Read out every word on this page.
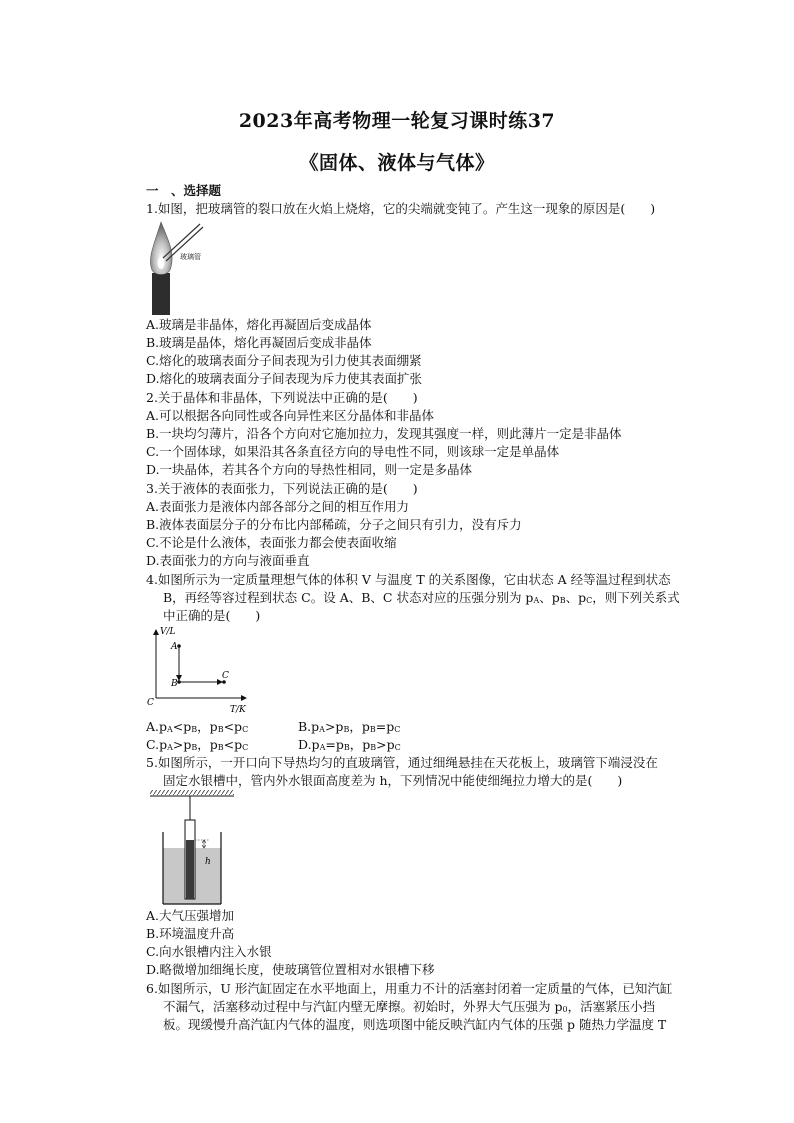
2023年高考物理一轮复习课时练37
《固体、液体与气体》
一　、选择题
1.如图，把玻璃管的裂口放在火焰上烧熔，它的尖端就变钝了。产生这一现象的原因是(　　)
玻璃管
A.玻璃是非晶体，熔化再凝固后变成晶体
B.玻璃是晶体，熔化再凝固后变成非晶体
C.熔化的玻璃表面分子间表现为引力使其表面绷紧
D.熔化的玻璃表面分子间表现为斥力使其表面扩张
2.关于晶体和非晶体，下列说法中正确的是(　　)
A.可以根据各向同性或各向异性来区分晶体和非晶体
B.一块均匀薄片，沿各个方向对它施加拉力，发现其强度一样，则此薄片一定是非晶体
C.一个固体球，如果沿其各条直径方向的导电性不同，则该球一定是单晶体
D.一块晶体，若其各个方向的导热性相同，则一定是多晶体
3.关于液体的表面张力，下列说法正确的是(　　)
A.表面张力是液体内部各部分之间的相互作用力
B.液体表面层分子的分布比内部稀疏，分子之间只有引力，没有斥力
C.不论是什么液体，表面张力都会使表面收缩
D.表面张力的方向与液面垂直
4.如图所示为一定质量理想气体的体积 V 与温度 T 的关系图像，它由状态 A 经等温过程到状态
B，再经等容过程到状态 C。设 A、B、C 状态对应的压强分别为 $p_A$、$p_B$、$p_C$，则下列关系式
中正确的是(　　)
V/L
T/K
C
A
B
C
$A.p_A<p_B$，$p_B<p_C$	$B.p_A>p_B$，$p_B=p_C$
$C.p_A>p_B$，$p_B<p_C$	$D.p_A=p_B$，$p_B>p_C$
5.如图所示，一开口向下导热均匀的直玻璃管，通过细绳悬挂在天花板上，玻璃管下端浸没在
固定水银槽中，管内外水银面高度差为 h，下列情况中能使细绳拉力增大的是(　　)
h
A.大气压强增加
B.环境温度升高
C.向水银槽内注入水银
D.略微增加细绳长度，使玻璃管位置相对水银槽下移
6.如图所示，U 形汽缸固定在水平地面上，用重力不计的活塞封闭着一定质量的气体，已知汽缸
不漏气，活塞移动过程中与汽缸内壁无摩擦。初始时，外界大气压强为 $p_0$，活塞紧压小挡
板。现缓慢升高汽缸内气体的温度，则选项图中能反映汽缸内气体的压强 p 随热力学温度 T
